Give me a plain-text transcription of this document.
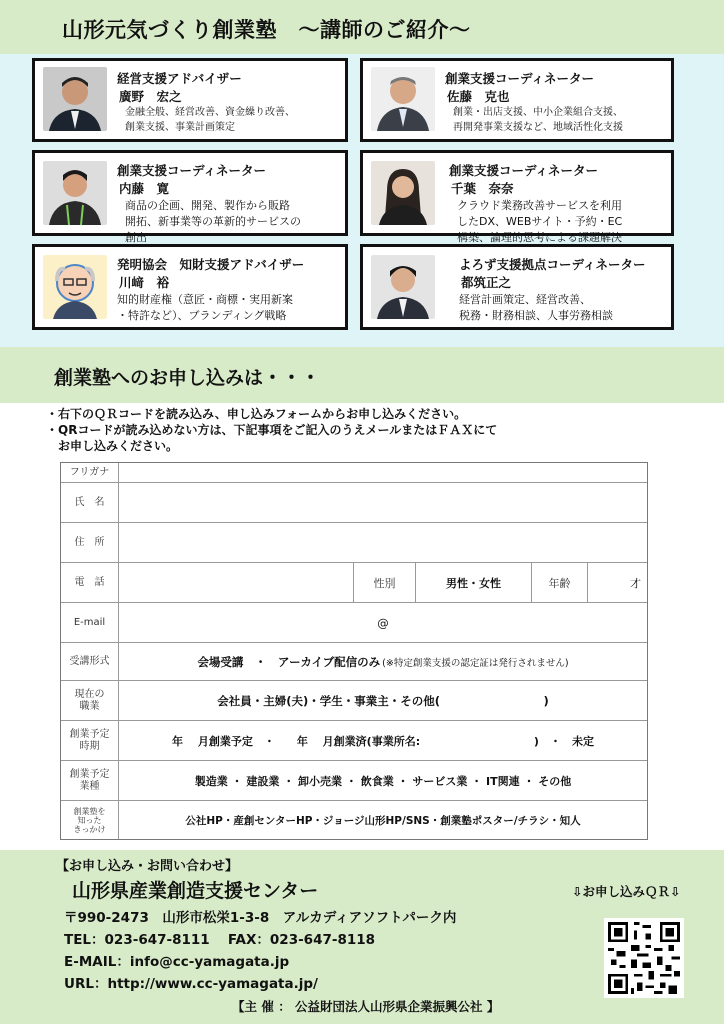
山形元気づくり創業塾　～講師のご紹介～
経営支援アドバイザー
廣野　宏之
金融全般、経営改善、資金繰り改善、
創業支援、事業計画策定
創業支援コーディネーター
佐藤　克也
創業・出店支援、中小企業組合支援、
再開発事業支援など、地域活性化支援
創業支援コーディネーター
内藤　寛
商品の企画、開発、製作から販路
開拓、新事業等の革新的サービスの
創出
創業支援コーディネーター
千葉　奈奈
クラウド業務改善サービスを利用
したDX、WEBサイト・予約・EC
構築、論理的思考による課題解決
発明協会　知財支援アドバイザー
川﨑　裕
知的財産権（意匠・商標・実用新案
・特許など）、ブランディング戦略
よろず支援拠点コーディネーター
都筑正之
経営計画策定、経営改善、
税務・財務相談、人事労務相談
創業塾へのお申し込みは・・・
・右下のＱＲコードを読み込み、申し込みフォームからお申し込みください。
・QRコードが読み込めない方は、下記事項をご記入のうえメールまたはＦＡＸにて
　お申し込みください。
フリガナ
氏　名
住　所
電　話	性別	男性・女性	年齢	才
E-mail	@
受講形式	会場受講　・　アーカイブ配信のみ (※特定創業支援の認定証は発行されません)
現在の
職業	会社員・主婦(夫)・学生・事業主・その他(　　　　　　　　　)
創業予定
時期	年　 月創業予定　・　　年　 月創業済(事業所名:　　　　　　　　　　 )　・　未定
創業予定
業種	製造業 ・ 建設業 ・ 卸小売業 ・ 飲食業 ・ サービス業 ・ IT関連 ・ その他
創業塾を
知った
きっかけ
公社HP・産創センターHP・ジョージ山形HP/SNS・創業塾ポスター/チラシ・知人
【お申し込み・お問い合わせ】
山形県産業創造支援センター
〒990-2473　山形市松栄1-3-8　アルカディアソフトパーク内
TEL：023-647-8111　 FAX：023-647-8118
E-MAIL：info@cc-yamagata.jp
URL：http://www.cc-yamagata.jp/
⇩お申し込みＱＲ⇩
【主 催 ： 公益財団法人山形県企業振興公社 】
